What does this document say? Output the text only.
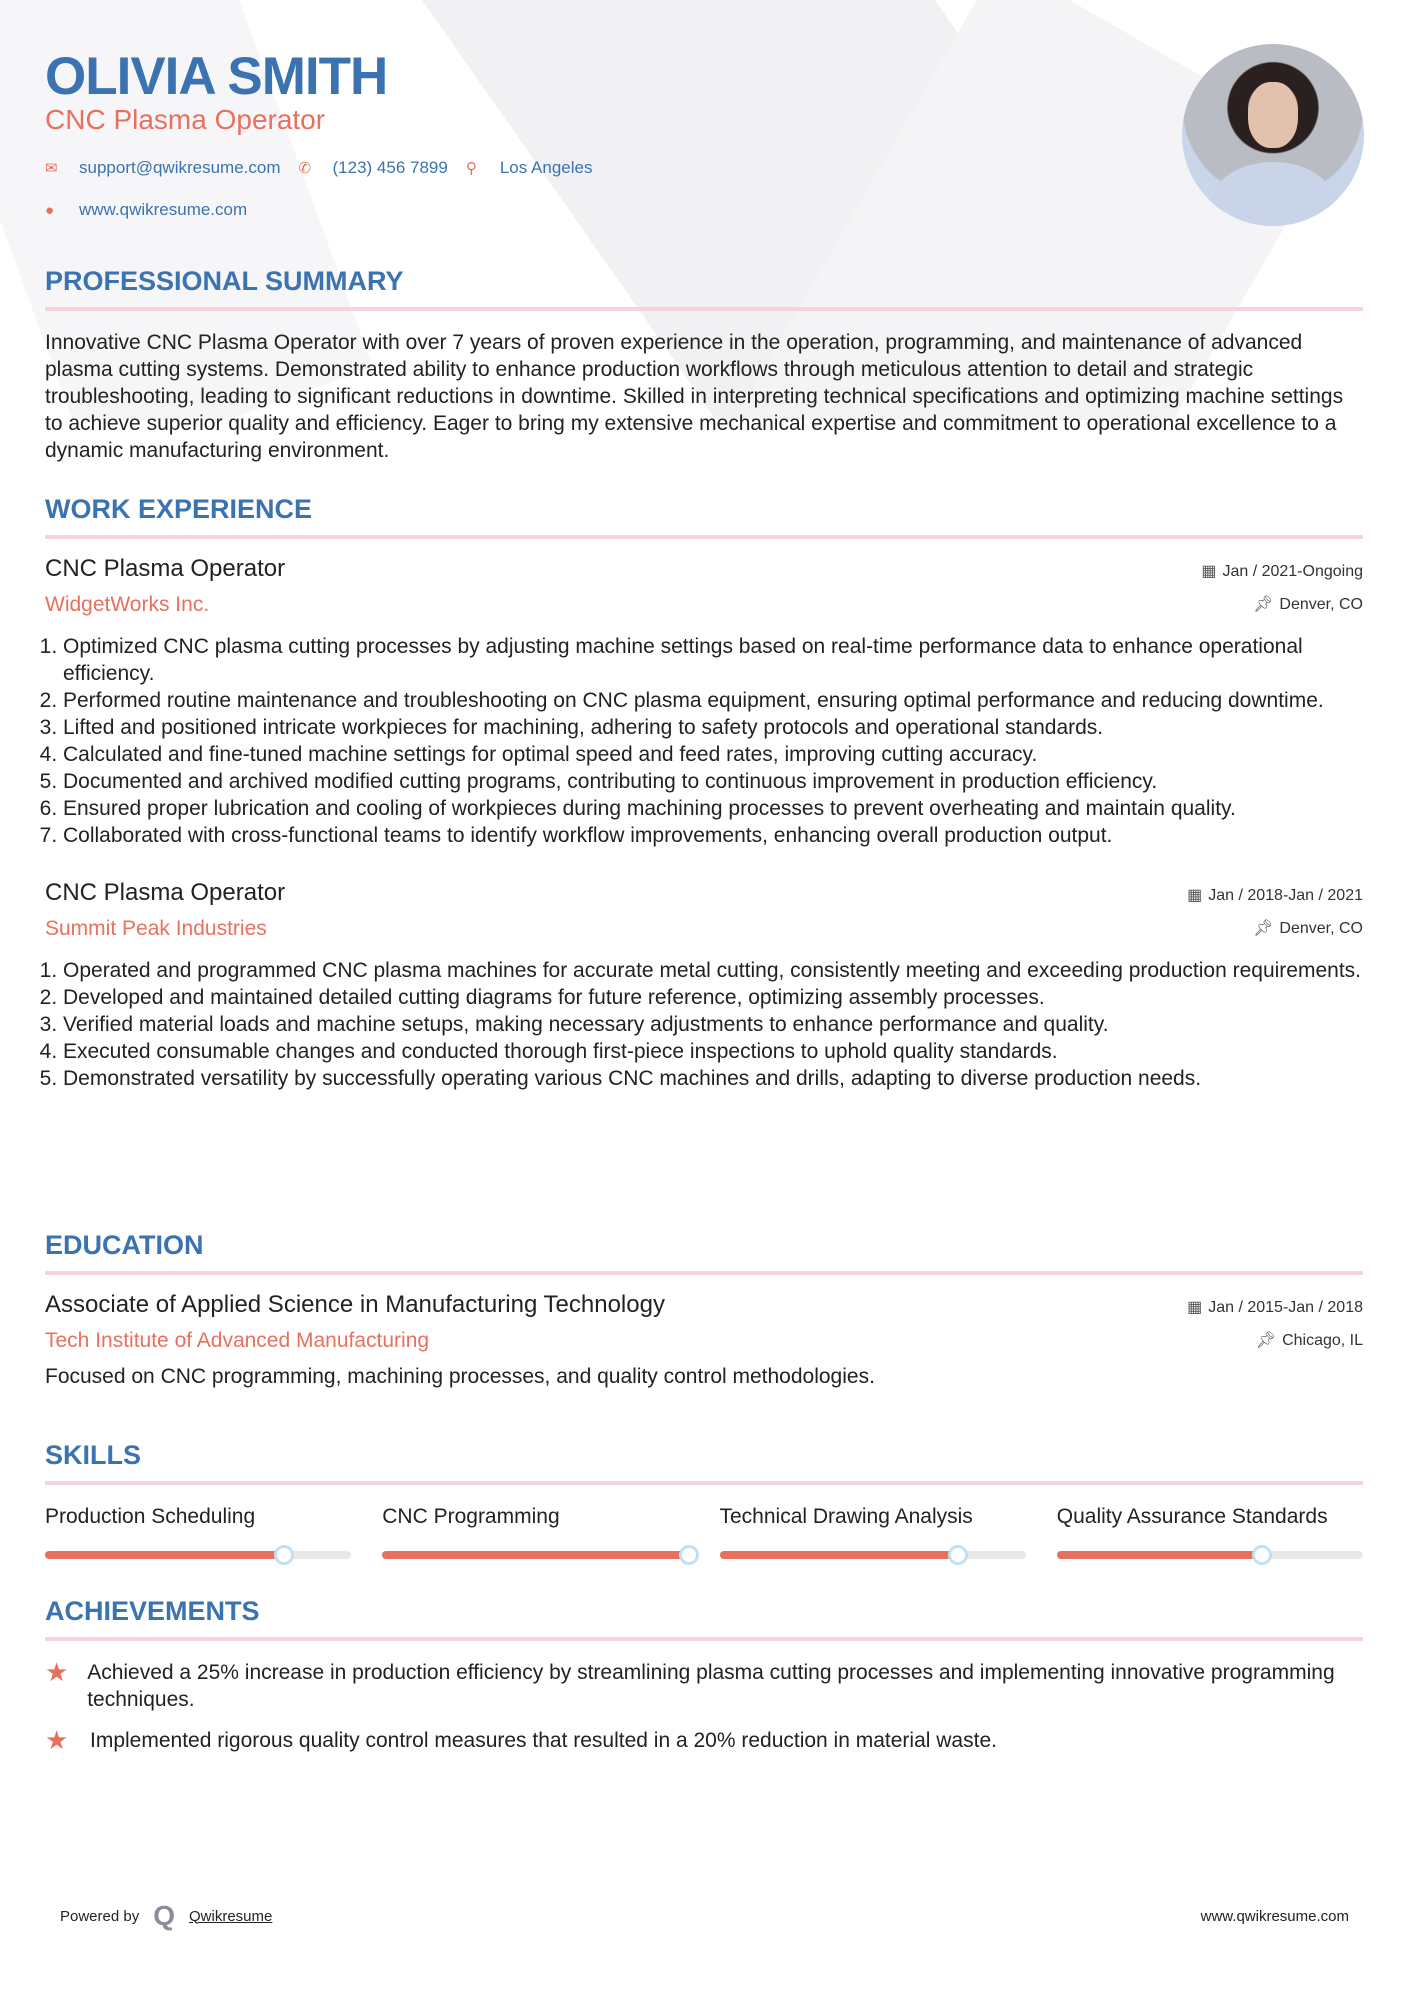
OLIVIA SMITH
CNC Plasma Operator
✉	support@qwikresume.com ✆	(123) 456 7899 ⚲	Los Angeles
●	www.qwikresume.com
PROFESSIONAL SUMMARY
Innovative CNC Plasma Operator with over 7 years of proven experience in the operation, programming, and maintenance of advanced plasma cutting systems. Demonstrated ability to enhance production workflows through meticulous attention to detail and strategic troubleshooting, leading to significant reductions in downtime. Skilled in interpreting technical specifications and optimizing machine settings to achieve superior quality and efficiency. Eager to bring my extensive mechanical expertise and commitment to operational excellence to a dynamic manufacturing environment.
WORK EXPERIENCE
CNC Plasma Operator
WidgetWorks Inc.
▦ Jan / 2021-Ongoing
📌︎ Denver, CO
1. Optimized CNC plasma cutting processes by adjusting machine settings based on real-time performance data to enhance operational efficiency.
2. Performed routine maintenance and troubleshooting on CNC plasma equipment, ensuring optimal performance and reducing downtime.
3. Lifted and positioned intricate workpieces for machining, adhering to safety protocols and operational standards.
4. Calculated and fine-tuned machine settings for optimal speed and feed rates, improving cutting accuracy.
5. Documented and archived modified cutting programs, contributing to continuous improvement in production efficiency.
6. Ensured proper lubrication and cooling of workpieces during machining processes to prevent overheating and maintain quality.
7. Collaborated with cross-functional teams to identify workflow improvements, enhancing overall production output.
CNC Plasma Operator
Summit Peak Industries
▦ Jan / 2018-Jan / 2021
📌︎ Denver, CO
1. Operated and programmed CNC plasma machines for accurate metal cutting, consistently meeting and exceeding production requirements.
2. Developed and maintained detailed cutting diagrams for future reference, optimizing assembly processes.
3. Verified material loads and machine setups, making necessary adjustments to enhance performance and quality.
4. Executed consumable changes and conducted thorough first-piece inspections to uphold quality standards.
5. Demonstrated versatility by successfully operating various CNC machines and drills, adapting to diverse production needs.
EDUCATION
Associate of Applied Science in Manufacturing Technology
Tech Institute of Advanced Manufacturing
▦ Jan / 2015-Jan / 2018
📌︎ Chicago, IL
Focused on CNC programming, machining processes, and quality control methodologies.
SKILLS
Production Scheduling	CNC Programming	Technical Drawing Analysis	Quality Assurance Standards
ACHIEVEMENTS
★ Achieved a 25% increase in production efficiency by streamlining plasma cutting processes and implementing innovative programming techniques.
★	Implemented rigorous quality control measures that resulted in a 20% reduction in material waste.
Powered by Q Qwikresume	www.qwikresume.com
